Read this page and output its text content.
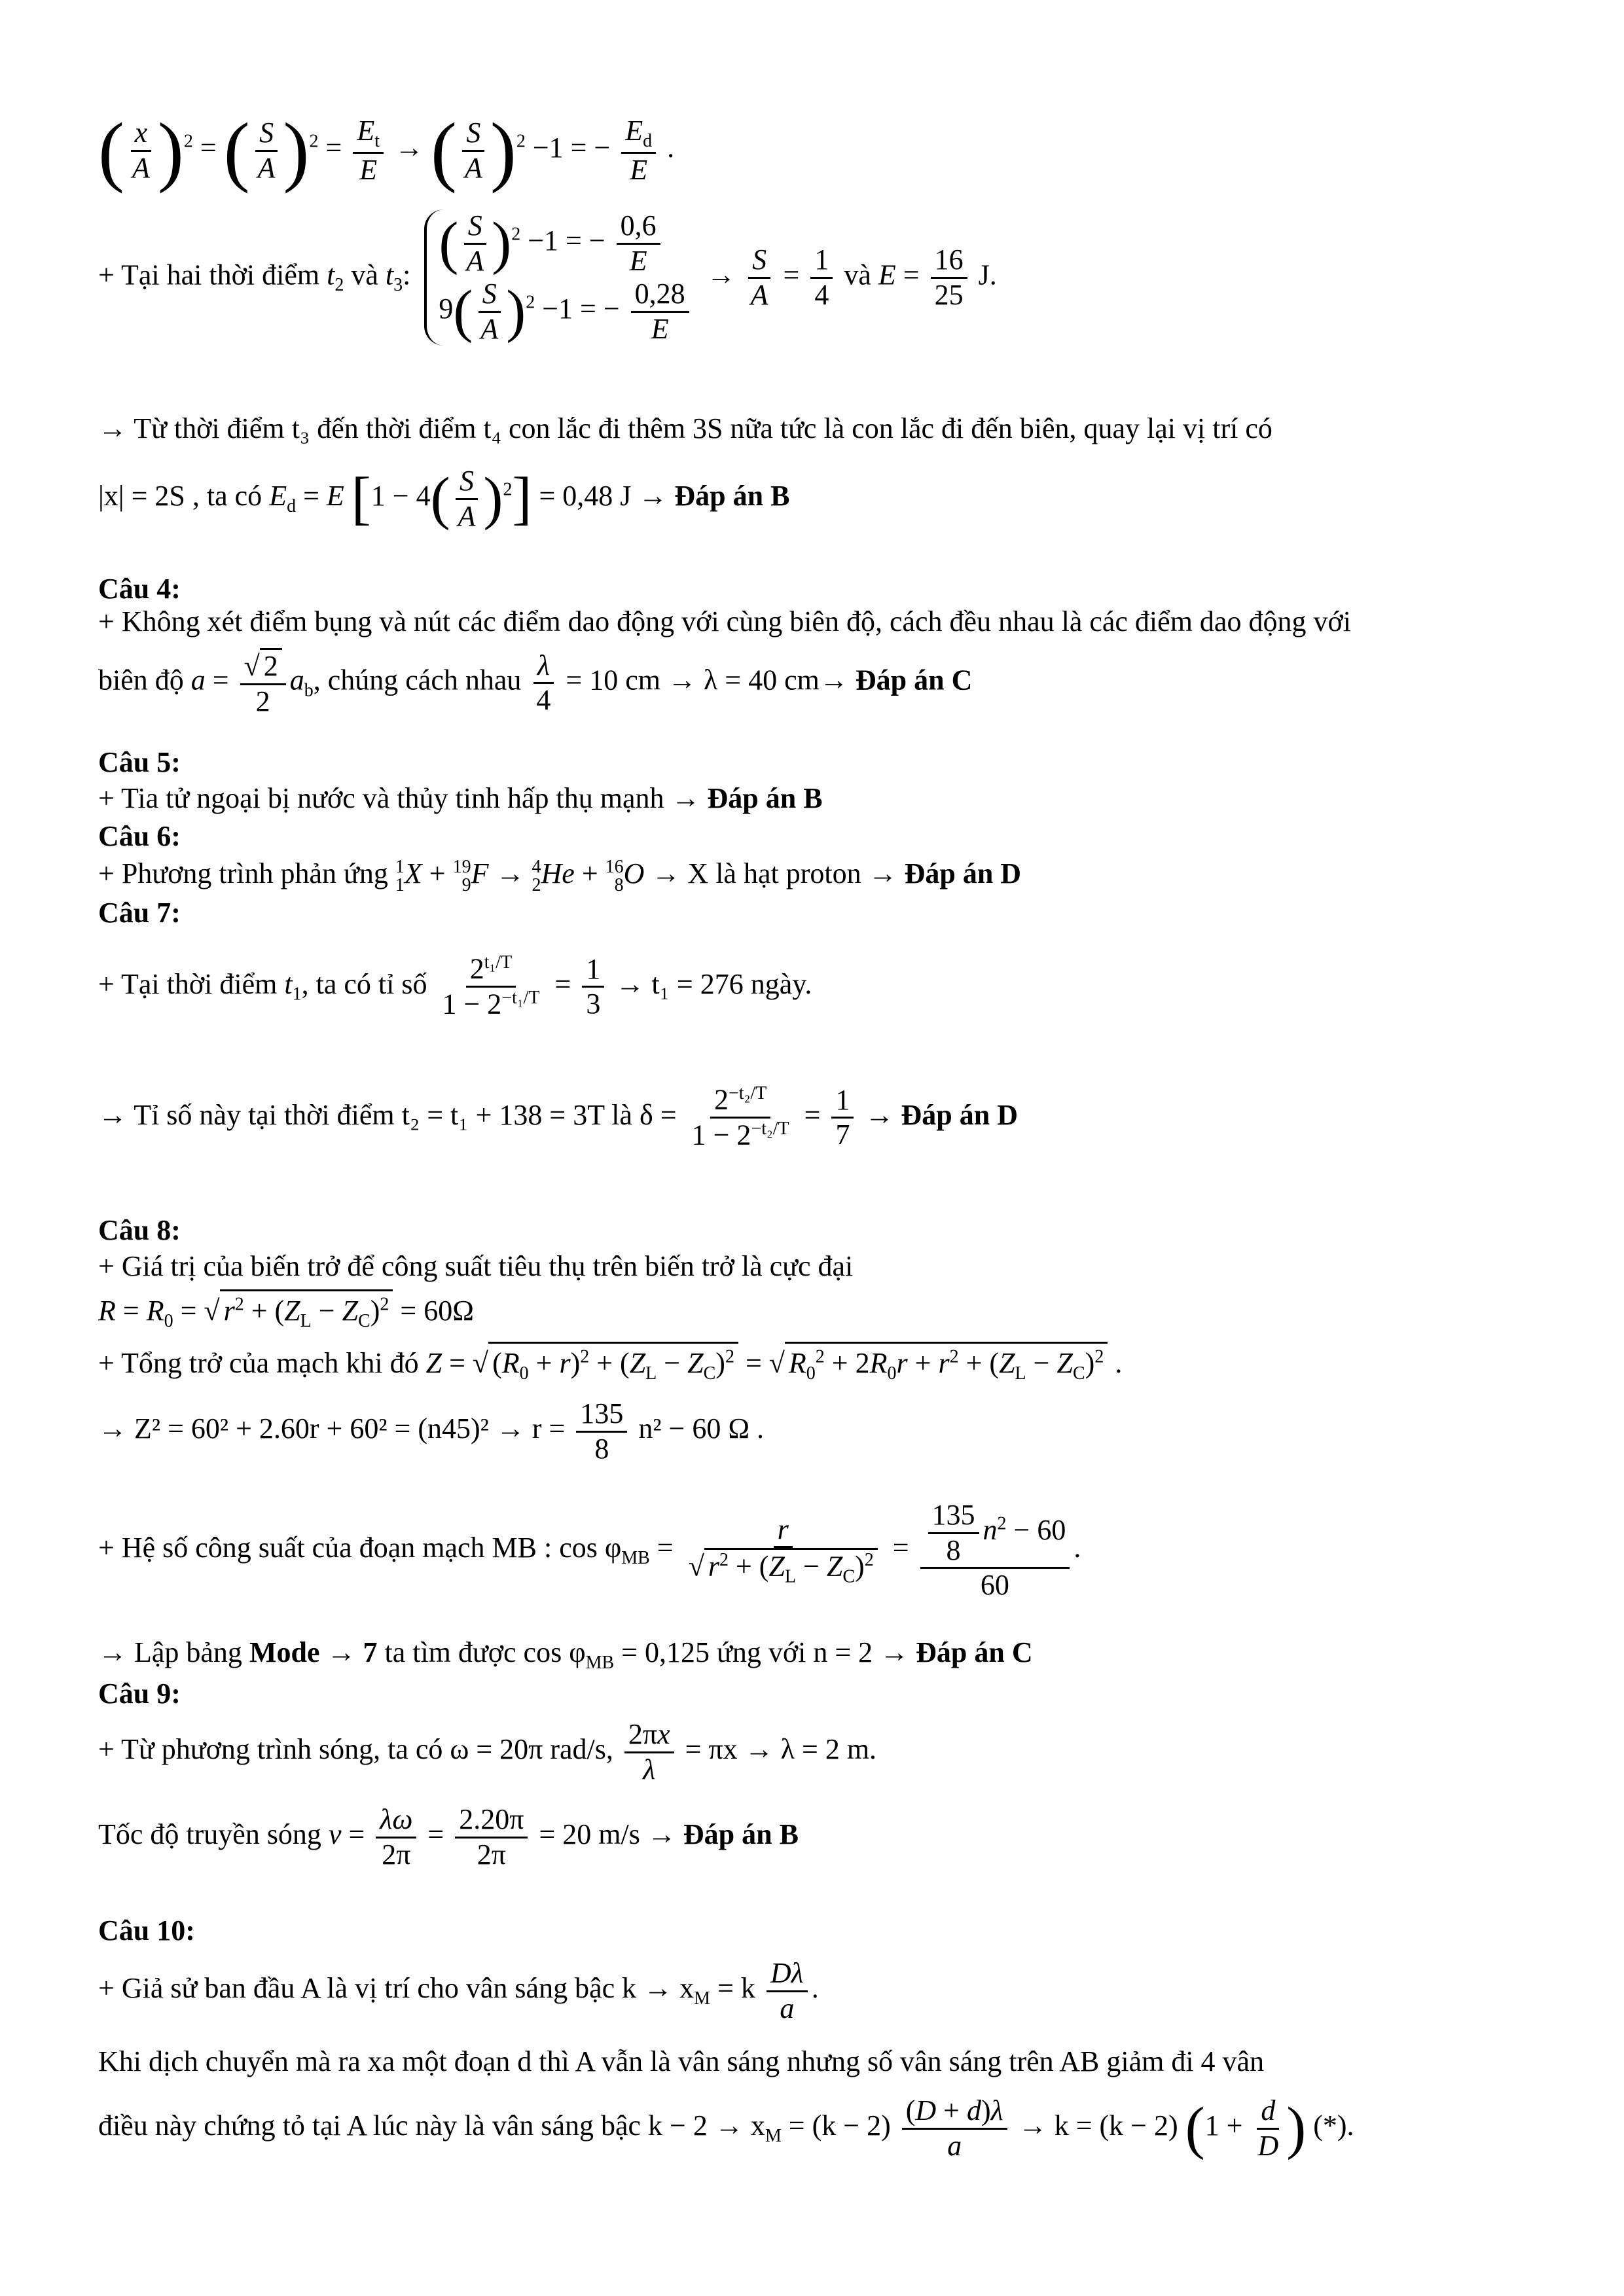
( $\frac{x}{A} )^2$ = ( $\frac{S}{A} )^2 = \frac{E_t}{E}$ → ( $\frac{S}{A} )^2 -1$ = − $\frac{E_d}{E}$ .
+ Tại hai thời điểm $t_2$ và $t_3$: ( $\frac{S}{A} )^2 -1$ = − $\frac{0,6}{E}$
$9( \frac{S}{A} )^2 -1$ = − $\frac{0,28}{E}$
→ $\frac{S}{A} = \frac{1}{4}$ và $E = \frac{16}{25} J$.
→ Từ thời điểm t₃ đến thời điểm t₄ con lắc đi thêm 3S nữa tức là con lắc đi đến biên, quay lại vị trí có
|x| = 2S , ta có $E_d = E$ $[1 - 4( \frac{S}{A} )^2] = 0,48$ J → Đáp án B
Câu 4:
+ Không xét điểm bụng và nút các điểm dao động với cùng biên độ, cách đều nhau là các điểm dao động với
biên độ $a = \frac{√ 2}{2} a_b$, chúng cách nhau $\frac{\lambda}{4} = 10$ cm → λ = 40 cm→ Đáp án C
Câu 5:
+ Tia tử ngoại bị nước và thủy tinh hấp thụ mạnh → Đáp án B
Câu 6:
+ Phương trình phản ứng 1
1 X + 19
9 F → 4
2 He + 16
8 O → X là hạt proton → Đáp án D
Câu 7:
+ Tại thời điểm $t_1$, ta có tỉ số $\frac{2^{t_1/T}}{1 - 2^{-t_1/T}} = \frac{1}{3} \to t_1 = 276$ ngày.
→ Tỉ số này tại thời điểm t₂ = t₁ + 138 = 3T là $\delta = \frac{2^{-t_2/T}}{1 - 2^{-t_2/T}} = \frac{1}{7}$ → Đáp án D
Câu 8:
+ Giá trị của biến trở để công suất tiêu thụ trên biến trở là cực đại
$R = R_0$ = √ $r^2 + (Z_L - Z_C)^2 = 60\Omega$
+ Tổng trở của mạch khi đó Z = √ $(R_0 + r)^2 + (Z_L - Z_C)^2$ = √ $R_0^2 + 2R_0r + r^2 + (Z_L - Z_C)^2$ .
→ $Z^2 = 60^2 + 2.60r + 60^2 = (n45)^2 \to r = \frac{135}{8} n^2 - 60$ Ω .
+ Hệ số công suất của đoạn mạch MB : $\cos \varphi_{MB} = \frac{r}{√ r^2 + (Z_L - Z_C)^2} = \frac{\frac{135}{8} n^2 - 60}{60}$ .
→ Lập bảng Mode → 7 ta tìm được $\cos \varphi_{MB} = 0,125$ ứng với n = 2 → Đáp án C
Câu 9:
+ Từ phương trình sóng, ta có ω = 20π rad/s, $\frac{2\pi x}{\lambda} = \pi x \to \lambda = 2$ m.
Tốc độ truyền sóng $v = \frac{\lambda\omega}{2\pi} = \frac{2.20\pi}{2\pi} = 20$ m/s → Đáp án B
Câu 10:
+ Giả sử ban đầu A là vị trí cho vân sáng bậc $k \to x_M = k \frac{D\lambda}{a}$ .
Khi dịch chuyển mà ra xa một đoạn d thì A vẫn là vân sáng nhưng số vân sáng trên AB giảm đi 4 vân
điều này chứng tỏ tại A lúc này là vân sáng bậc $k - 2 \to x_M = (k - 2) \frac{(D + d)\lambda}{a} \to k = (k - 2) (1 + \frac{d}{D}$ ) (*).
